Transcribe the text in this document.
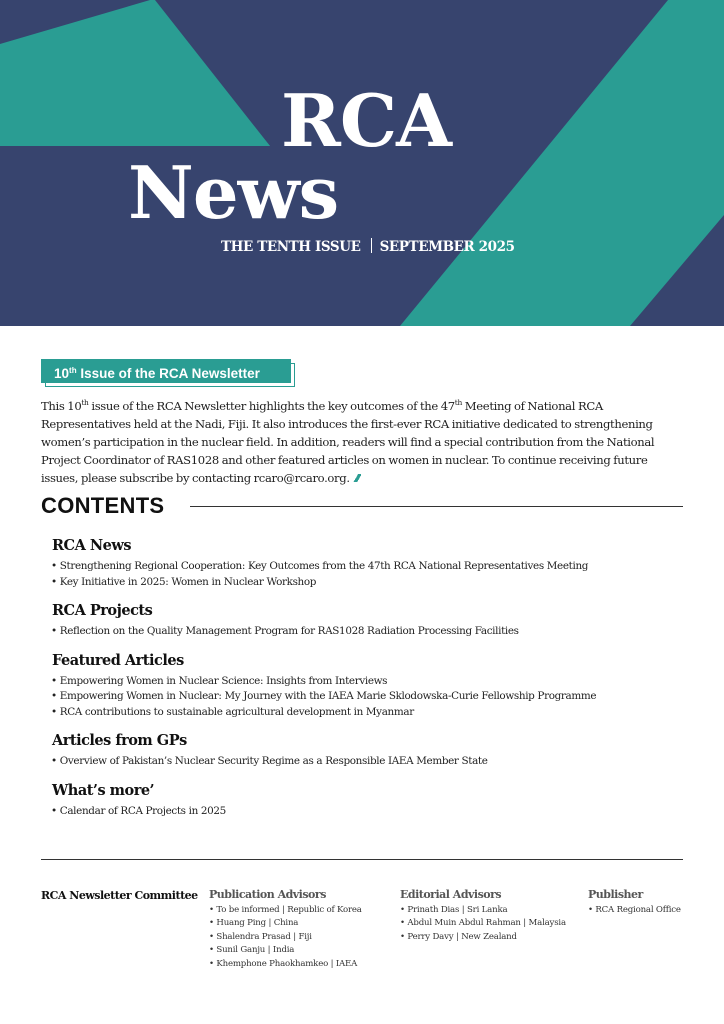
RCA
News
THE TENTH ISSUE SEPTEMBER 2025
10th Issue of the RCA Newsletter

This 10th issue of the RCA Newsletter highlights the key outcomes of the 47th Meeting of National RCA Representatives held at the Nadi, Fiji. It also introduces the first-ever RCA initiative dedicated to strengthening women’s participation in the nuclear field. In addition, readers will find a special contribution from the National Project Coordinator of RAS1028 and other featured articles on women in nuclear. To continue receiving future issues, please subscribe by contacting rcaro@rcaro.org.

CONTENTS
RCA News
• Strengthening Regional Cooperation: Key Outcomes from the 47th RCA National Representatives Meeting
• Key Initiative in 2025: Women in Nuclear Workshop
RCA Projects
• Reflection on the Quality Management Program for RAS1028 Radiation Processing Facilities
Featured Articles
• Empowering Women in Nuclear Science: Insights from Interviews
• Empowering Women in Nuclear: My Journey with the IAEA Marie Sklodowska-Curie Fellowship Programme
• RCA contributions to sustainable agricultural development in Myanmar
Articles from GPs
• Overview of Pakistan’s Nuclear Security Regime as a Responsible IAEA Member State
What’s more’
• Calendar of RCA Projects in 2025
RCA Newsletter Committee Publication Advisors
• To be informed | Republic of Korea
• Huang Ping | China
• Shalendra Prasad | Fiji
• Sunil Ganju | India
• Khemphone Phaokhamkeo | IAEA
Editorial Advisors
• Prinath Dias | Sri Lanka
• Abdul Muin Abdul Rahman | Malaysia
• Perry Davy | New Zealand
Publisher
• RCA Regional Office
